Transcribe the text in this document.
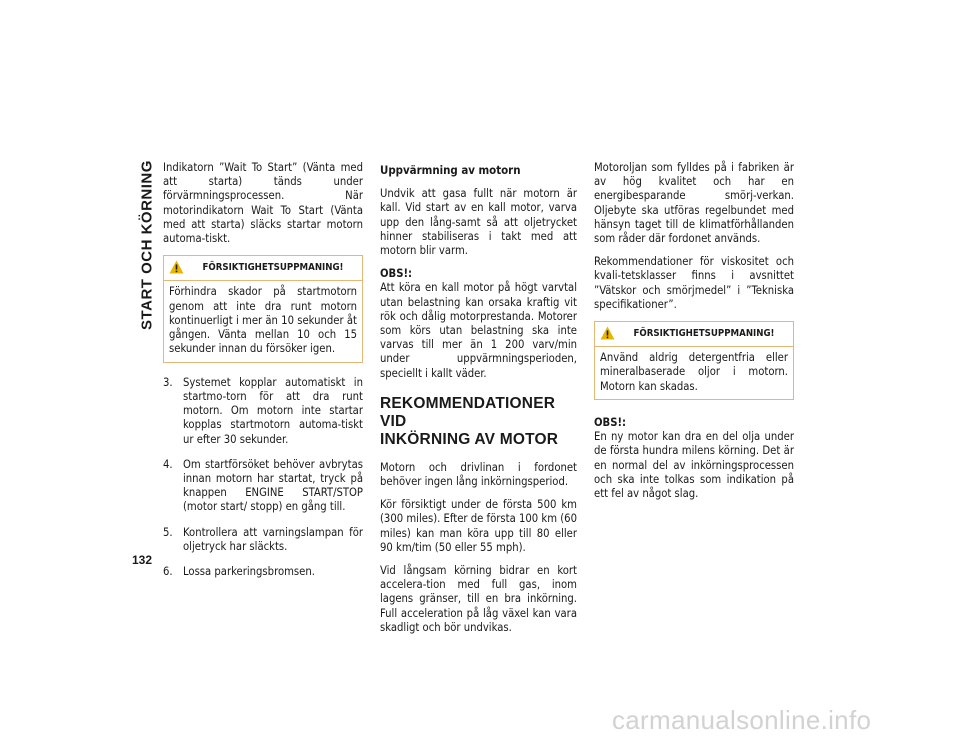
START OCH KÖRNING
132

Indikatorn ”Wait To Start” (Vänta med att starta) tänds under förvärmningsprocessen. När motorindikatorn Wait To Start (Vänta med att starta) släcks startar motorn automa-tiskt.

FÖRSIKTIGHETSUPPMANING!
Förhindra skador på startmotorn genom att inte dra runt motorn kontinuerligt i mer än 10 sekunder åt gången. Vänta mellan 10 och 15 sekunder innan du försöker igen.
3. Systemet kopplar automatiskt in startmo-torn för att dra runt motorn. Om motorn inte startar kopplas startmotorn automa-tiskt ur efter 30 sekunder.
4. Om startförsöket behöver avbrytas innan motorn har startat, tryck på knappen ENGINE START/STOP (motor start/ stopp) en gång till.
5. Kontrollera att varningslampan för oljetryck har släckts.
6. Lossa parkeringsbromsen.
Uppvärmning av motorn

Undvik att gasa fullt när motorn är kall. Vid start av en kall motor, varva upp den lång-samt så att oljetrycket hinner stabiliseras i takt med att motorn blir varm.

OBS!:
Att köra en kall motor på högt varvtal utan belastning kan orsaka kraftig vit rök och dålig motorprestanda. Motorer som körs utan belastning ska inte varvas till mer än 1 200 varv/min under uppvärmningsperioden, speciellt i kallt väder.

REKOMMENDATIONER VID
INKÖRNING AV MOTOR

Motorn och drivlinan i fordonet behöver ingen lång inkörningsperiod.

Kör försiktigt under de första 500 km (300 miles). Efter de första 100 km (60 miles) kan man köra upp till 80 eller 90 km/tim (50 eller 55 mph).

Vid långsam körning bidrar en kort accelera-tion med full gas, inom lagens gränser, till en bra inkörning. Full acceleration på låg växel kan vara skadligt och bör undvikas.

Motoroljan som fylldes på i fabriken är av hög kvalitet och har en energibesparande smörj-verkan. Oljebyte ska utföras regelbundet med hänsyn taget till de klimatförhållanden som råder där fordonet används.

Rekommendationer för viskositet och kvali-tetsklasser finns i avsnittet ”Vätskor och smörjmedel” i ”Tekniska specifikationer”.

FÖRSIKTIGHETSUPPMANING!
Använd aldrig detergentfria eller mineralbaserade oljor i motorn. Motorn kan skadas.

OBS!:
En ny motor kan dra en del olja under de första hundra milens körning. Det är en normal del av inkörningsprocessen och ska inte tolkas som indikation på ett fel av något slag.

carmanualsonline.info
